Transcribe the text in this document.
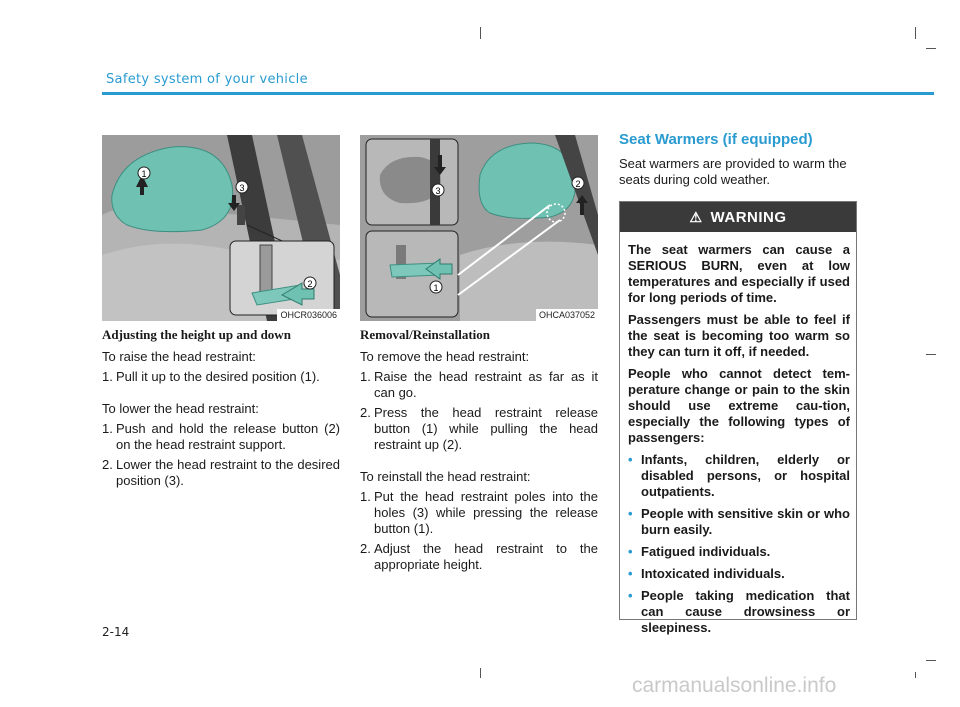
Safety system of your vehicle
2
1
3
OHCR036006
3
2
1
OHCA037052
Adjusting the height up and down

To raise the head restraint:

1. Pull it up to the desired position (1).

To lower the head restraint:

1. Push and hold the release button (2) on the head restraint support.
2. Lower the head restraint to the desired position (3).
Removal/Reinstallation

To remove the head restraint:

1. Raise the head restraint as far as it can go.
2. Press the head restraint release button (1) while pulling the head restraint up (2).

To reinstall the head restraint:

1. Put the head restraint poles into the holes (3) while pressing the release button (1).
2. Adjust the head restraint to the appropriate height.
Seat Warmers (if equipped)

Seat warmers are provided to warm the seats during cold weather.

⚠ WARNING

The seat warmers can cause a SERIOUS BURN, even at low temperatures and especially if used for long periods of time.

Passengers must be able to feel if the seat is becoming too warm so they can turn it off, if needed.

People who cannot detect tem-perature change or pain to the skin should use extreme cau-tion, especially the following types of passengers:

• Infants, children, elderly or disabled persons, or hospital outpatients.
• People with sensitive skin or who burn easily.
• Fatigued individuals.
• Intoxicated individuals.
• People taking medication that can cause drowsiness or sleepiness.
2-14
carmanualsonline.info
